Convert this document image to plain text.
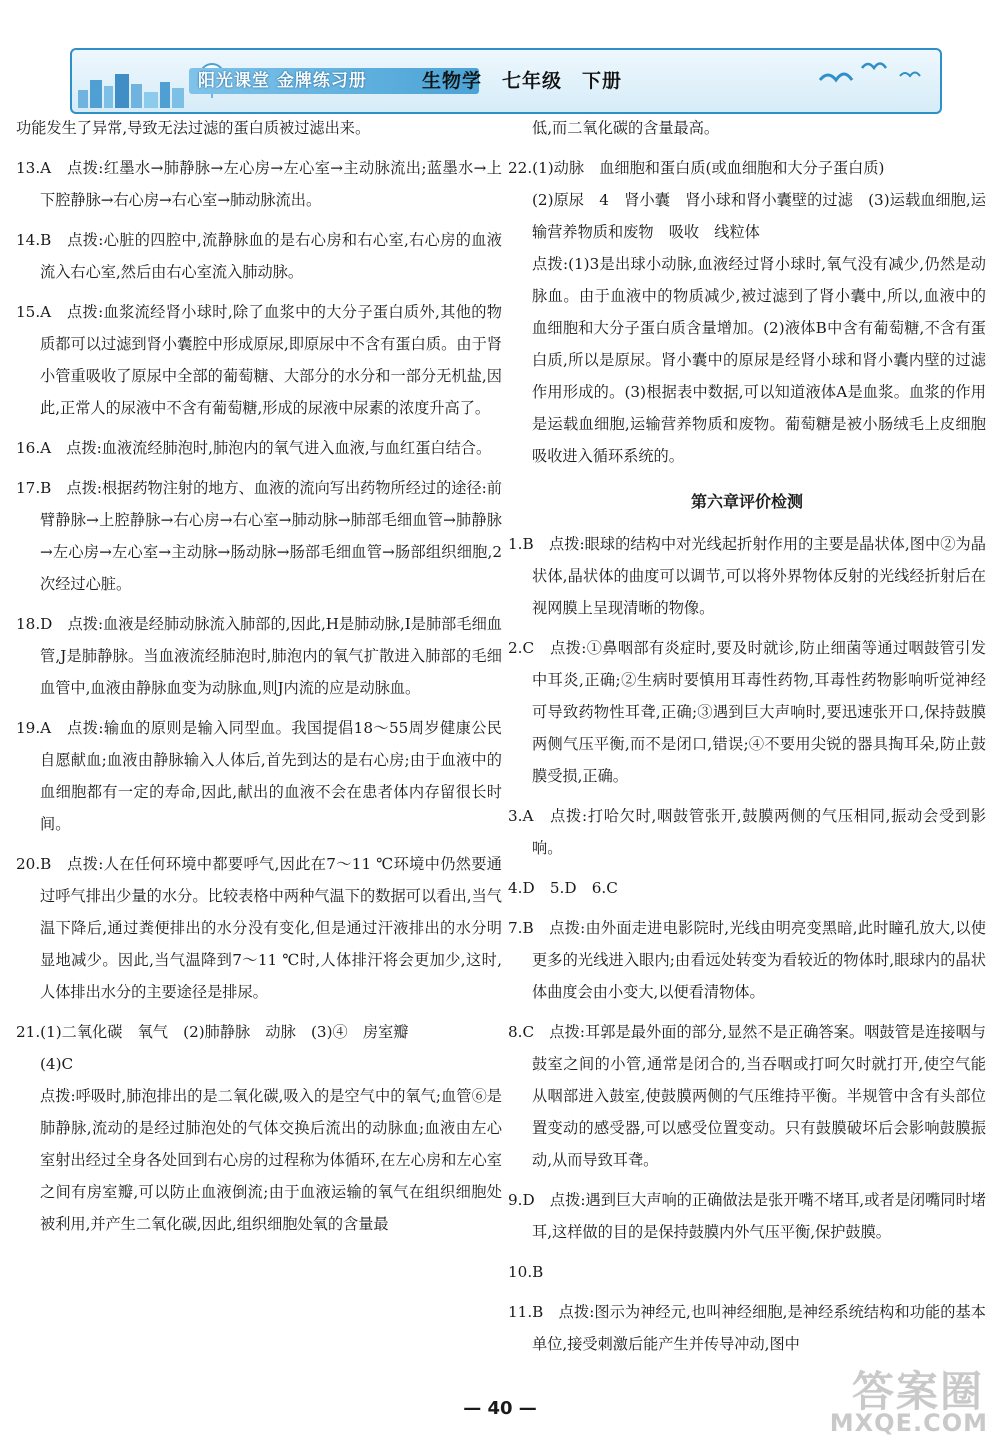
阳光课堂 金牌练习册	生物学　七年级　下册

功能发生了异常,导致无法过滤的蛋白质被过滤出来。

13.A　点拨:红墨水→肺静脉→左心房→左心室→主动脉流出;蓝墨水→上下腔静脉→右心房→右心室→肺动脉流出。

14.B　点拨:心脏的四腔中,流静脉血的是右心房和右心室,右心房的血液流入右心室,然后由右心室流入肺动脉。

15.A　点拨:血浆流经肾小球时,除了血浆中的大分子蛋白质外,其他的物质都可以过滤到肾小囊腔中形成原尿,即原尿中不含有蛋白质。由于肾小管重吸收了原尿中全部的葡萄糖、大部分的水分和一部分无机盐,因此,正常人的尿液中不含有葡萄糖,形成的尿液中尿素的浓度升高了。

16.A　点拨:血液流经肺泡时,肺泡内的氧气进入血液,与血红蛋白结合。

17.B　点拨:根据药物注射的地方、血液的流向写出药物所经过的途径:前臂静脉→上腔静脉→右心房→右心室→肺动脉→肺部毛细血管→肺静脉→左心房→左心室→主动脉→肠动脉→肠部毛细血管→肠部组织细胞,2次经过心脏。

18.D　点拨:血液是经肺动脉流入肺部的,因此,H是肺动脉,I是肺部毛细血管,J是肺静脉。当血液流经肺泡时,肺泡内的氧气扩散进入肺部的毛细血管中,血液由静脉血变为动脉血,则J内流的应是动脉血。

19.A　点拨:输血的原则是输入同型血。我国提倡18～55周岁健康公民自愿献血;血液由静脉输入人体后,首先到达的是右心房;由于血液中的血细胞都有一定的寿命,因此,献出的血液不会在患者体内存留很长时间。

20.B　点拨:人在任何环境中都要呼气,因此在7～11 ℃环境中仍然要通过呼气排出少量的水分。比较表格中两种气温下的数据可以看出,当气温下降后,通过粪便排出的水分没有变化,但是通过汗液排出的水分明显地减少。因此,当气温降到7～11 ℃时,人体排汗将会更加少,这时,人体排出水分的主要途径是排尿。

21.(1)二氧化碳　氧气　(2)肺静脉　动脉　(3)④　房室瓣

(4)C

点拨:呼吸时,肺泡排出的是二氧化碳,吸入的是空气中的氧气;血管⑥是肺静脉,流动的是经过肺泡处的气体交换后流出的动脉血;血液由左心室射出经过全身各处回到右心房的过程称为体循环,在左心房和左心室之间有房室瓣,可以防止血液倒流;由于血液运输的氧气在组织细胞处被利用,并产生二氧化碳,因此,组织细胞处氧的含量最

低,而二氧化碳的含量最高。

22.(1)动脉　血细胞和蛋白质(或血细胞和大分子蛋白质)

(2)原尿　4　肾小囊　肾小球和肾小囊壁的过滤　(3)运载血细胞,运输营养物质和废物　吸收　线粒体

点拨:(1)3是出球小动脉,血液经过肾小球时,氧气没有减少,仍然是动脉血。由于血液中的物质减少,被过滤到了肾小囊中,所以,血液中的血细胞和大分子蛋白质含量增加。(2)液体B中含有葡萄糖,不含有蛋白质,所以是原尿。肾小囊中的原尿是经肾小球和肾小囊内壁的过滤作用形成的。(3)根据表中数据,可以知道液体A是血浆。血浆的作用是运载血细胞,运输营养物质和废物。葡萄糖是被小肠绒毛上皮细胞吸收进入循环系统的。

第六章评价检测

1.B　点拨:眼球的结构中对光线起折射作用的主要是晶状体,图中②为晶状体,晶状体的曲度可以调节,可以将外界物体反射的光线经折射后在视网膜上呈现清晰的物像。

2.C　点拨:①鼻咽部有炎症时,要及时就诊,防止细菌等通过咽鼓管引发中耳炎,正确;②生病时要慎用耳毒性药物,耳毒性药物影响听觉神经可导致药物性耳聋,正确;③遇到巨大声响时,要迅速张开口,保持鼓膜两侧气压平衡,而不是闭口,错误;④不要用尖锐的器具掏耳朵,防止鼓膜受损,正确。

3.A　点拨:打哈欠时,咽鼓管张开,鼓膜两侧的气压相同,振动会受到影响。

4.D　5.D　6.C

7.B　点拨:由外面走进电影院时,光线由明亮变黑暗,此时瞳孔放大,以使更多的光线进入眼内;由看远处转变为看较近的物体时,眼球内的晶状体曲度会由小变大,以便看清物体。

8.C　点拨:耳郭是最外面的部分,显然不是正确答案。咽鼓管是连接咽与鼓室之间的小管,通常是闭合的,当吞咽或打呵欠时就打开,使空气能从咽部进入鼓室,使鼓膜两侧的气压维持平衡。半规管中含有头部位置变动的感受器,可以感受位置变动。只有鼓膜破坏后会影响鼓膜振动,从而导致耳聋。

9.D　点拨:遇到巨大声响的正确做法是张开嘴不堵耳,或者是闭嘴同时堵耳,这样做的目的是保持鼓膜内外气压平衡,保护鼓膜。

10.B

11.B　点拨:图示为神经元,也叫神经细胞,是神经系统结构和功能的基本单位,接受刺激后能产生并传导冲动,图中

— 40 —	答案圈
MXQE.COM
